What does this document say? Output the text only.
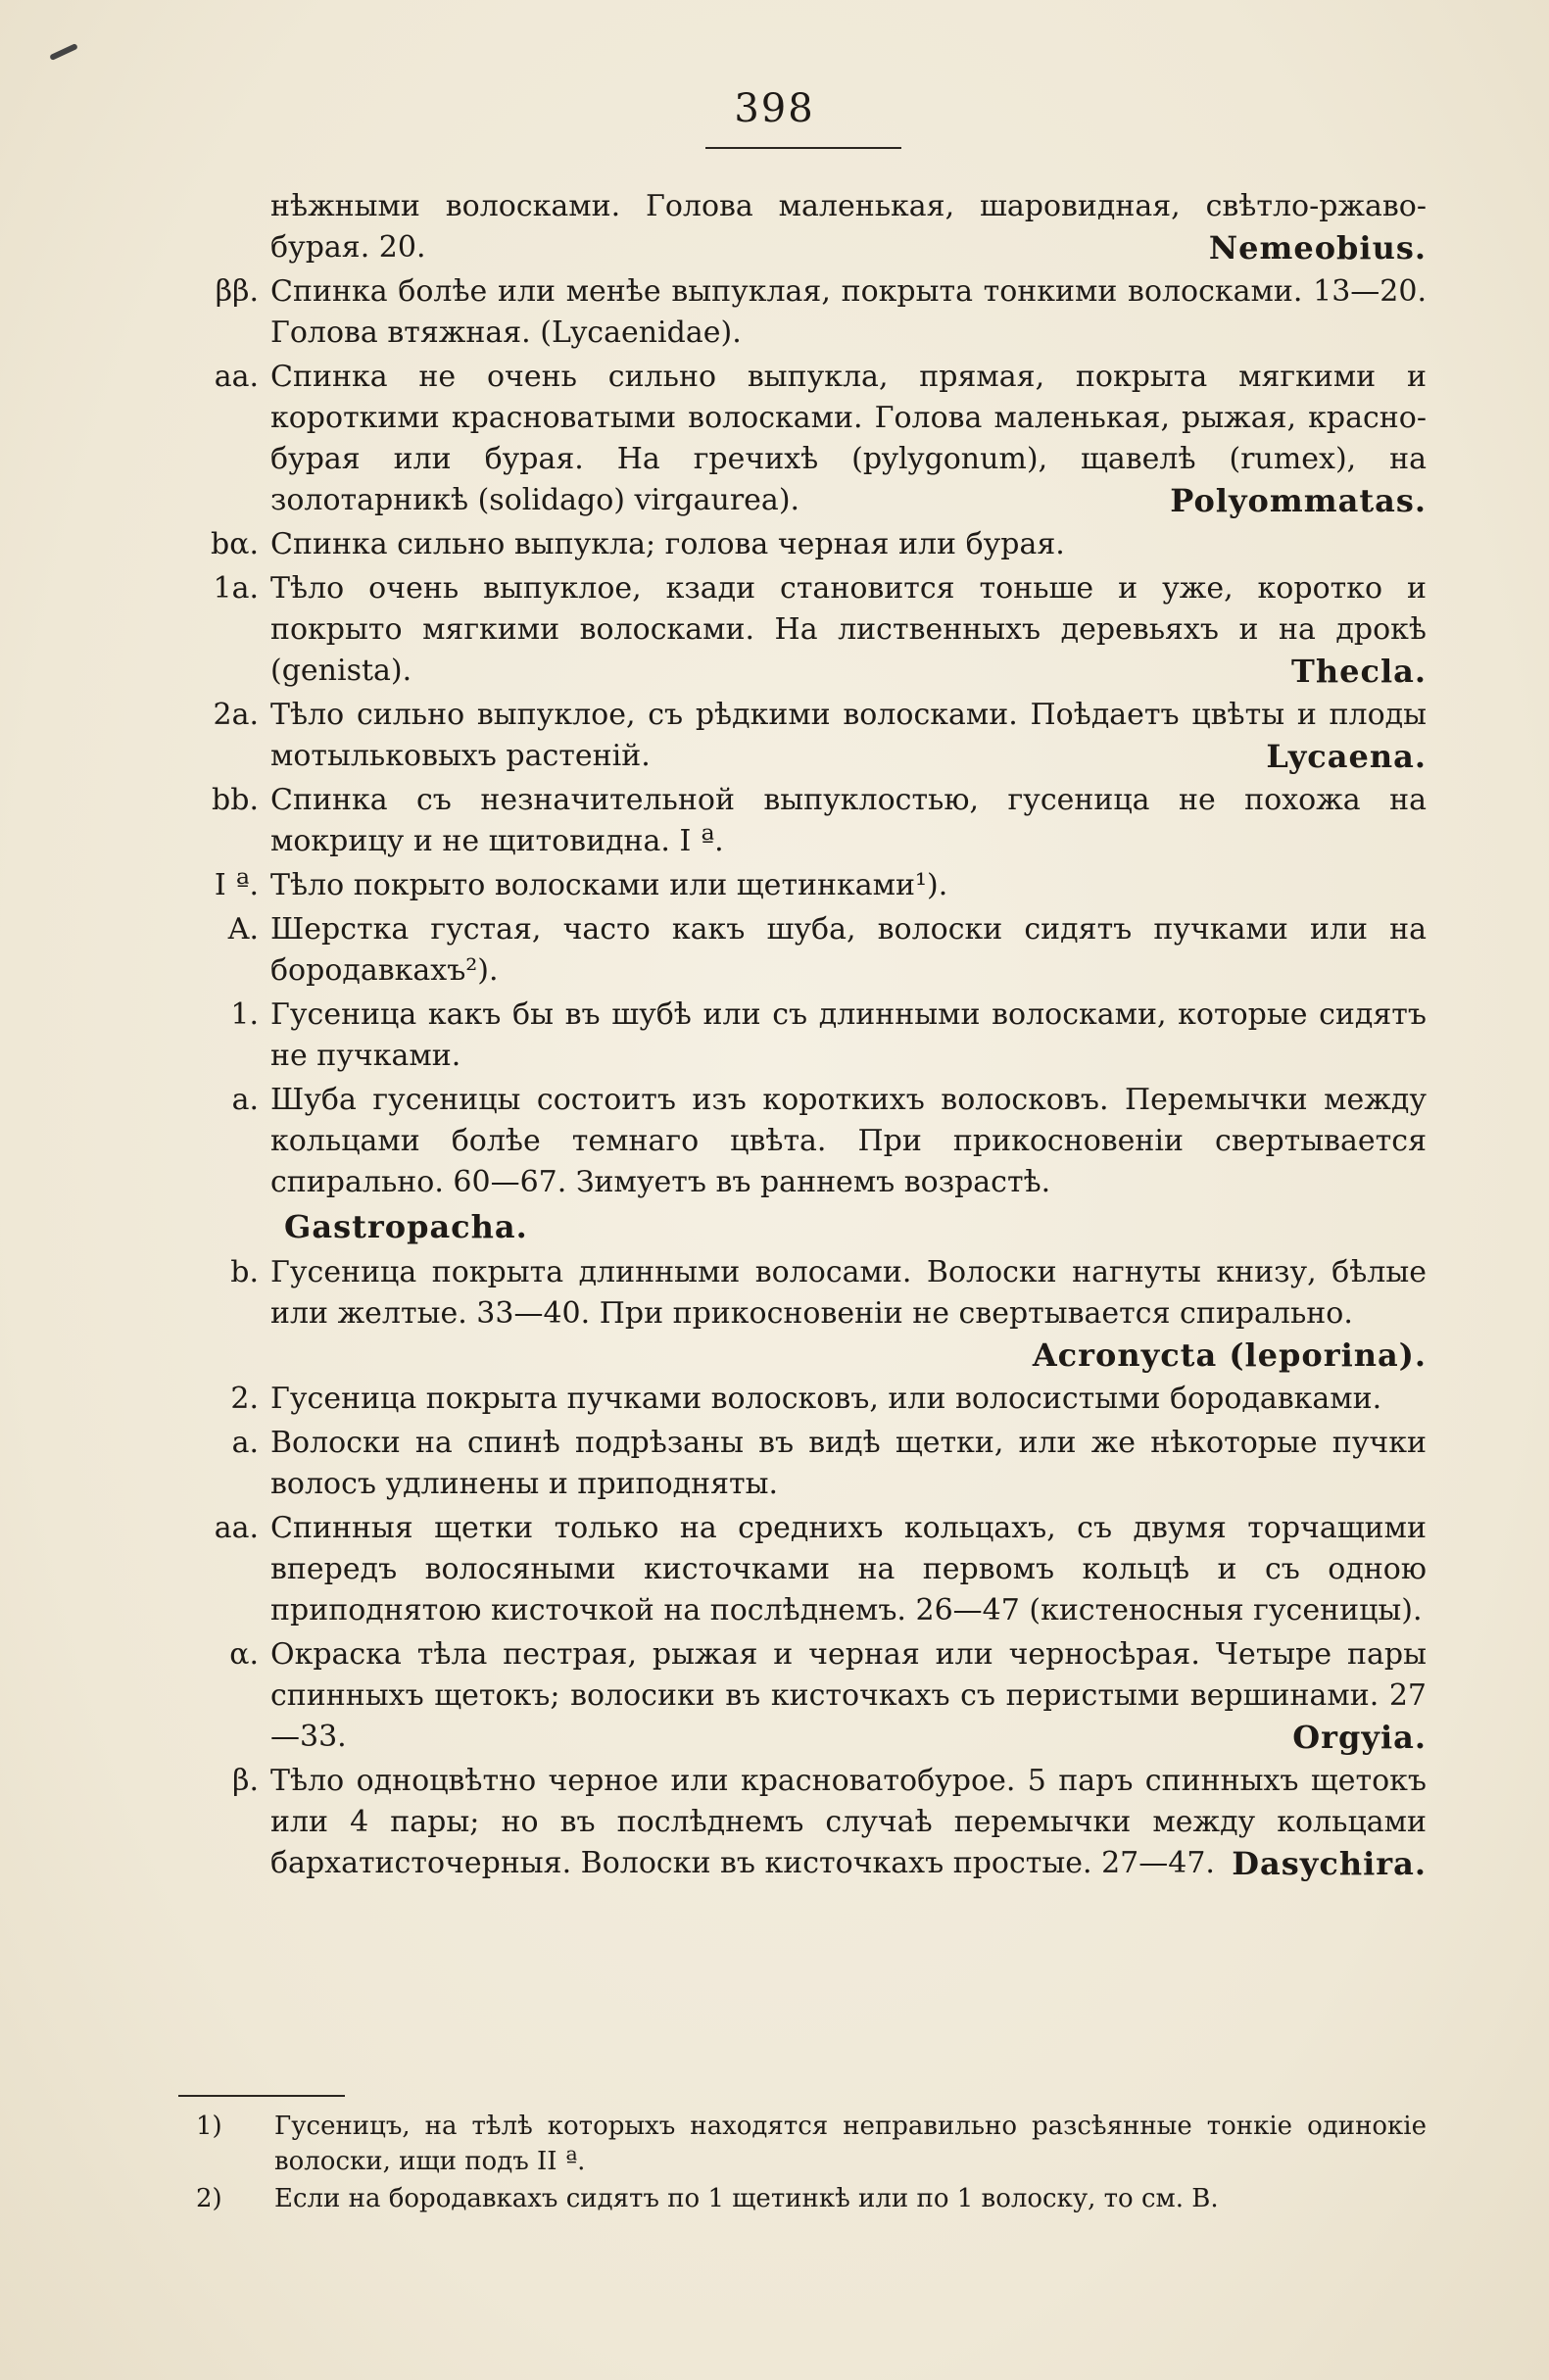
398
нѣжными волосками. Голова маленькая, шаровидная, свѣтло-ржаво-бурая. 20.	Nemeobius.
ββ. Спинка болѣе или менѣе выпуклая, покрыта тонкими волосками. 13—20. Голова втяжная. (Lycaenidae).
aa. Спинка не очень сильно выпукла, прямая, покрыта мягкими и короткими красноватыми волосками. Голова маленькая, рыжая, красно-бурая или бурая. На гречихѣ (pylygonum), щавелѣ (rumex), на золотарникѣ (solidago) virgaurea).	Polyommatas.
bα. Спинка сильно выпукла; голова черная или бурая.
1a. Тѣло очень выпуклое, кзади становится тоньше и уже, коротко и покрыто мягкими волосками. На лиственныхъ деревьяхъ и на дрокѣ (genista).	Thecla.
2a. Тѣло сильно выпуклое, съ рѣдкими волосками. Поѣдаетъ цвѣты и плоды мотыльковыхъ растеній.	Lycaena.
bb. Спинка съ незначительной выпуклостью, гусеница не похожа на мокрицу и не щитовидна. I ª.
I ª. Тѣло покрыто волосками или щетинками¹).
A. Шерстка густая, часто какъ шуба, волоски сидятъ пучками или на бородавкахъ²).
1. Гусеница какъ бы въ шубѣ или съ длинными волосками, которые сидятъ не пучками.
a. Шуба гусеницы состоитъ изъ короткихъ волосковъ. Перемычки между кольцами болѣе темнаго цвѣта. При прикосновеніи свертывается спирально. 60—67. Зимуетъ въ раннемъ возрастѣ.
Gastropacha.
b. Гусеница покрыта длинными волосами. Волоски нагнуты книзу, бѣлые или желтые. 33—40. При прикосновеніи не свертывается спирально.
Acronycta (leporina).
2. Гусеница покрыта пучками волосковъ, или волосистыми бородавками.
a. Волоски на спинѣ подрѣзаны въ видѣ щетки, или же нѣкоторые пучки волосъ удлинены и приподняты.
aa. Спинныя щетки только на среднихъ кольцахъ, съ двумя торчащими впередъ волосяными кисточками на первомъ кольцѣ и съ одною приподнятою кисточкой на послѣднемъ. 26—47 (кистеносныя гусеницы).
α. Окраска тѣла пестрая, рыжая и черная или черносѣрая. Четыре пары спинныхъ щетокъ; волосики въ кисточкахъ съ перистыми вершинами. 27—33.	Orgyia.
β. Тѣло одноцвѣтно черное или красноватобурое. 5 паръ спинныхъ щетокъ или 4 пары; но въ послѣднемъ случаѣ перемычки между кольцами бархатисточерныя. Волоски въ кисточкахъ простые. 27—47. Dasychira.
1)	Гусеницъ, на тѣлѣ которыхъ находятся неправильно разсѣянные тонкіе одинокіе волоски, ищи подъ II ª.
2)	Если на бородавкахъ сидятъ по 1 щетинкѣ или по 1 волоску, то см. B.
